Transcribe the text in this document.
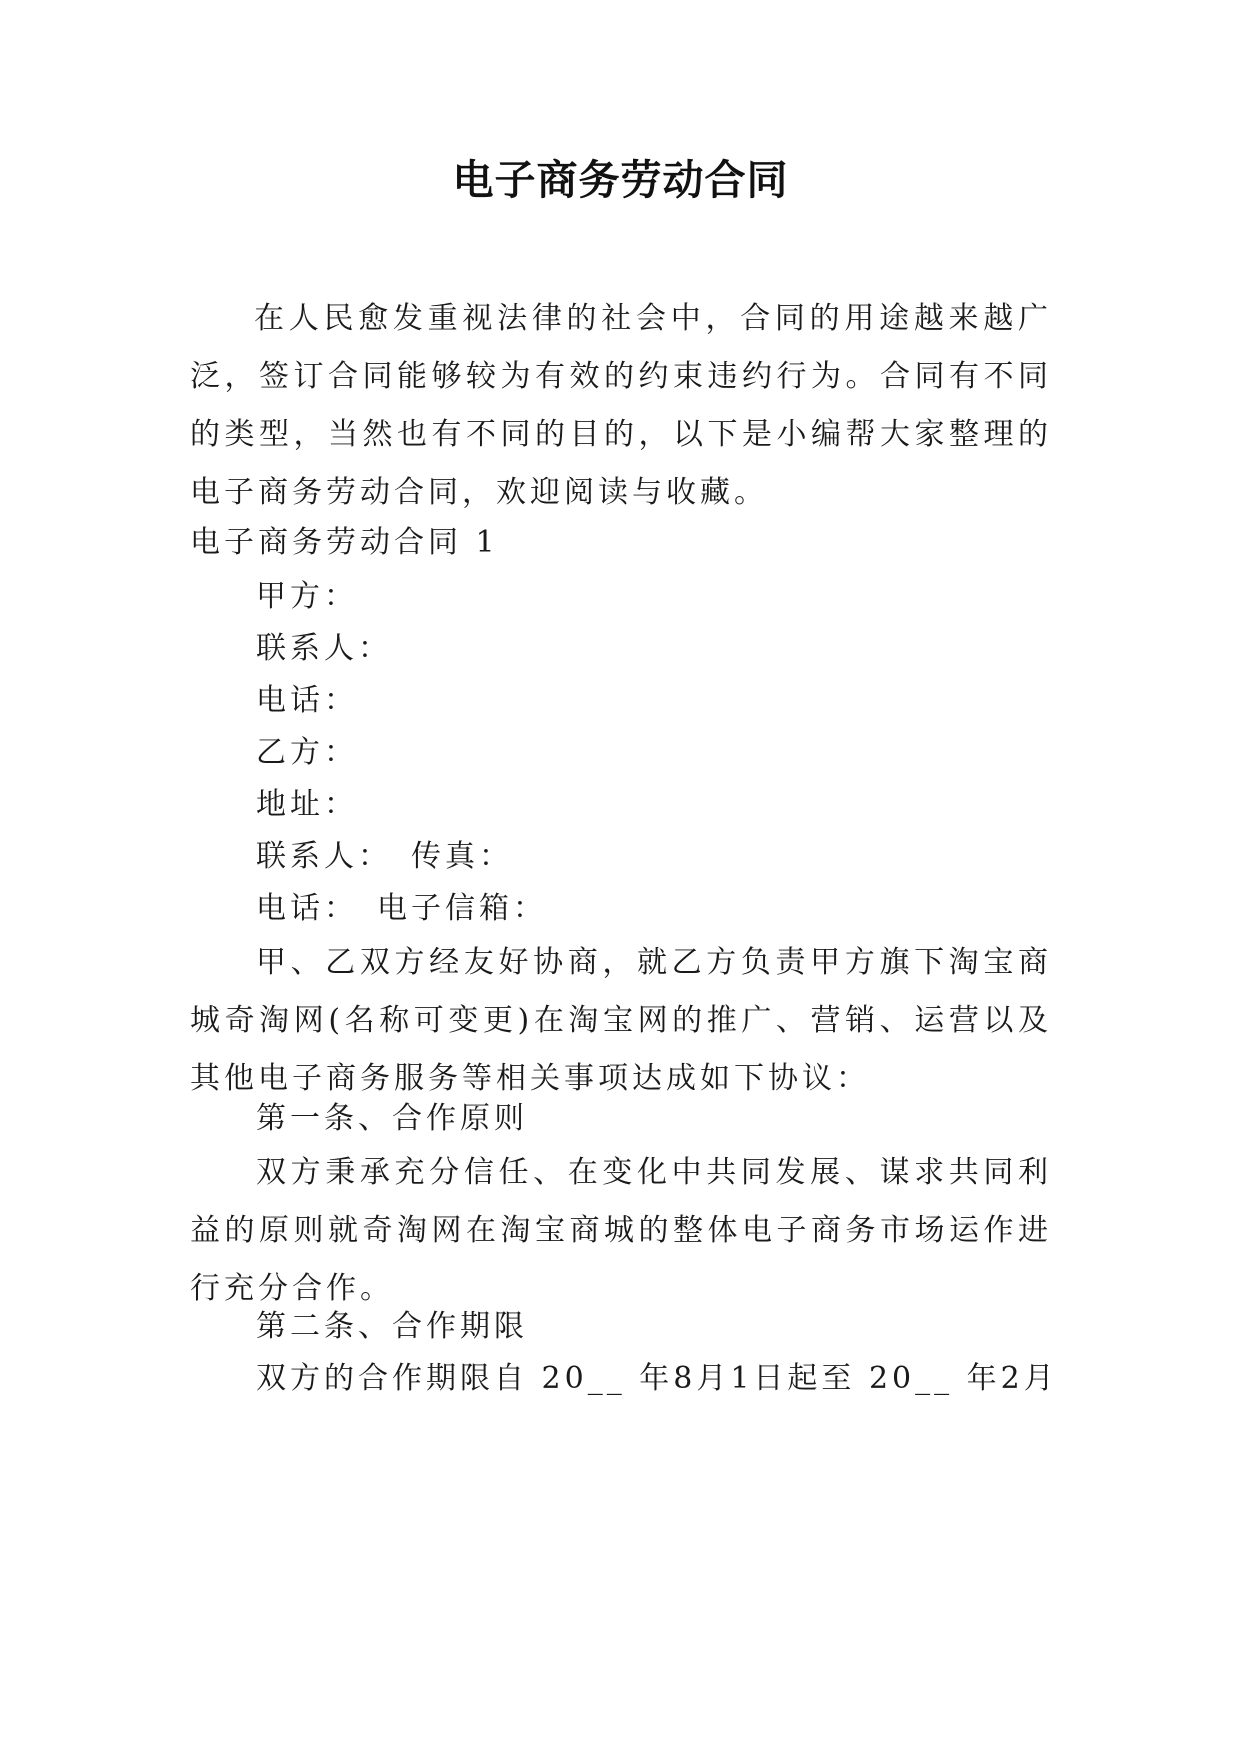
电子商务劳动合同
在人民愈发重视法律的社会中，合同的用途越来越广泛，签订合同能够较为有效的约束违约行为。合同有不同的类型，当然也有不同的目的，以下是小编帮大家整理的电子商务劳动合同，欢迎阅读与收藏。
电子商务劳动合同 1
甲方：
联系人：
电话：
乙方：
地址：
联系人：　传真：
电话：　电子信箱：
甲、乙双方经友好协商，就乙方负责甲方旗下淘宝商城奇淘网(名称可变更)在淘宝网的推广、营销、运营以及其他电子商务服务等相关事项达成如下协议：
第一条、合作原则
双方秉承充分信任、在变化中共同发展、谋求共同利益的原则就奇淘网在淘宝商城的整体电子商务市场运作进行充分合作。
第二条、合作期限
双方的合作期限自 20__ 年8月1日起至 20__ 年2月
